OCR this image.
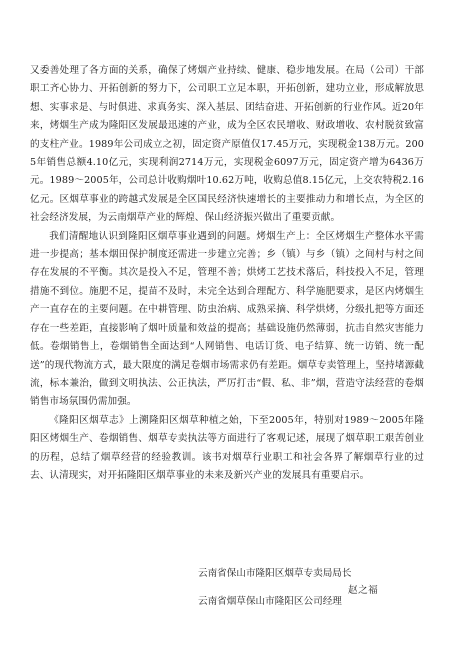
又委善处理了各方面的关系，确保了烤烟产业持续、健康、稳步地发展。在局（公司）干部职工齐心协力、开拓创新的努力下，公司职工立足本职，开拓创新，建功立业，形成解放思想、实事求是、与时俱进、求真务实、深入基层、团结奋进、开拓创新的行业作风。近20年来，烤烟生产成为隆阳区发展最迅速的产业，成为全区农民增收、财政增收、农村脱贫致富的支柱产业。1989年公司成立之初，固定资产原值仅17.45万元，实现税金138万元。2005年销售总额4.10亿元，实现利润2714万元，实现税金6097万元，固定资产增为6436万元。1989～2005年，公司总计收购烟叶10.62万吨，收购总值8.15亿元，上交农特税2.16亿元。区烟草事业的跨越式发展是全区国民经济快速增长的主要推动力和增长点，为全区的社会经济发展，为云南烟草产业的辉煌、保山经济振兴做出了重要贡献。

我们清醒地认识到隆阳区烟草事业遇到的问题。烤烟生产上：全区烤烟生产整体水平需进一步提高；基本烟田保护制度还需进一步建立完善；乡（镇）与乡（镇）之间村与村之间存在发展的不平衡。其次是投入不足，管理不善；烘烤工艺技术落后，科技投入不足，管理措施不到位。施肥不足，提苗不及时，未完全达到合理配方、科学施肥要求，是区内烤烟生产一直存在的主要问题。在中耕管理、防虫治病、成熟采摘、科学烘烤，分级扎把等方面还存在一些差距，直接影响了烟叶质量和效益的提高；基础设施仍然薄弱，抗击自然灾害能力低。卷烟销售上，卷烟销售全面达到“人网销售、电话订货、电子结算、统一访销、统一配送”的现代物流方式，最大限度的满足卷烟市场需求仍有差距。烟草专卖管理上，坚持堵源截流，标本兼治，做到文明执法、公正执法，严厉打击“假、私、非”烟，营造守法经营的卷烟销售市场氛围仍需加强。

《隆阳区烟草志》上溯隆阳区烟草种植之始，下至2005年，特别对1989～2005年隆阳区烤烟生产、卷烟销售、烟草专卖执法等方面进行了客观记述，展现了烟草职工艰苦创业的历程，总结了烟草经营的经验教训。该书对烟草行业职工和社会各界了解烟草行业的过去、认清现实，对开拓隆阳区烟草事业的未来及新兴产业的发展具有重要启示。

云南省保山市隆阳区烟草专卖局局长
赵之福
云南省烟草保山市隆阳区公司经理
